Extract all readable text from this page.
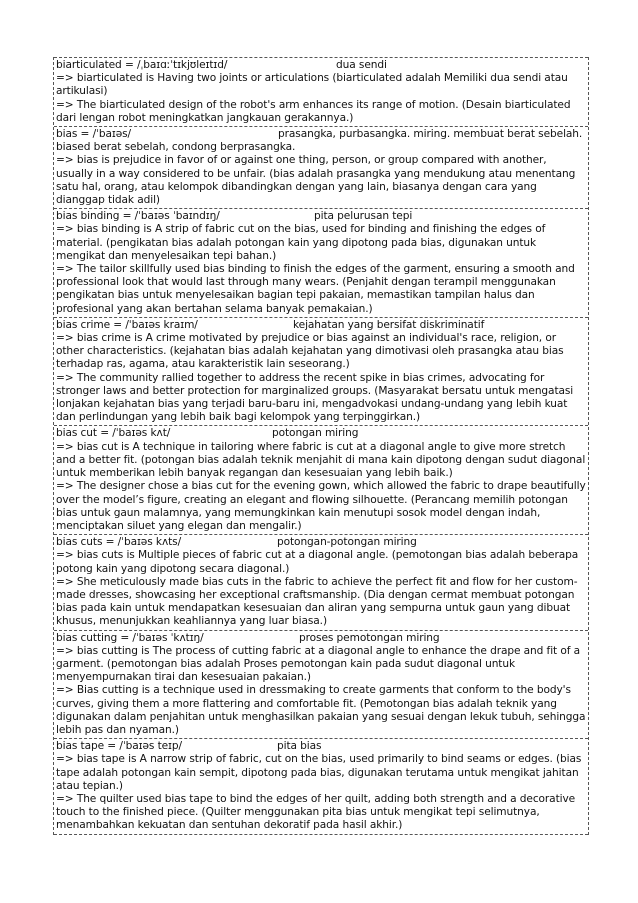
biarticulated = /ˌbaɪɑːˈtɪkjʊleɪtɪd/	dua sendi
=> biarticulated is Having two joints or articulations (biarticulated adalah Memiliki dua sendi atau artikulasi)
=> The biarticulated design of the robot's arm enhances its range of motion. (Desain biarticulated dari lengan robot meningkatkan jangkauan gerakannya.)
bias = /ˈbaɪəs/	prasangka, purbasangka. miring. membuat berat sebelah. biased berat sebelah, condong berprasangka.
=> bias is prejudice in favor of or against one thing, person, or group compared with another, usually in a way considered to be unfair. (bias adalah prasangka yang mendukung atau menentang satu hal, orang, atau kelompok dibandingkan dengan yang lain, biasanya dengan cara yang dianggap tidak adil)
bias binding = /ˈbaɪəs ˈbaɪndɪŋ/	pita pelurusan tepi
=> bias binding is A strip of fabric cut on the bias, used for binding and finishing the edges of material. (pengikatan bias adalah potongan kain yang dipotong pada bias, digunakan untuk mengikat dan menyelesaikan tepi bahan.)
=> The tailor skillfully used bias binding to finish the edges of the garment, ensuring a smooth and professional look that would last through many wears. (Penjahit dengan terampil menggunakan pengikatan bias untuk menyelesaikan bagian tepi pakaian, memastikan tampilan halus dan profesional yang akan bertahan selama banyak pemakaian.)
bias crime = /ˈbaɪəs kraɪm/	kejahatan yang bersifat diskriminatif
=> bias crime is A crime motivated by prejudice or bias against an individual's race, religion, or other characteristics. (kejahatan bias adalah kejahatan yang dimotivasi oleh prasangka atau bias terhadap ras, agama, atau karakteristik lain seseorang.)
=> The community rallied together to address the recent spike in bias crimes, advocating for stronger laws and better protection for marginalized groups. (Masyarakat bersatu untuk mengatasi lonjakan kejahatan bias yang terjadi baru-baru ini, mengadvokasi undang-undang yang lebih kuat dan perlindungan yang lebih baik bagi kelompok yang terpinggirkan.)
bias cut = /ˈbaɪəs kʌt/	potongan miring
=> bias cut is A technique in tailoring where fabric is cut at a diagonal angle to give more stretch and a better fit. (potongan bias adalah teknik menjahit di mana kain dipotong dengan sudut diagonal untuk memberikan lebih banyak regangan dan kesesuaian yang lebih baik.)
=> The designer chose a bias cut for the evening gown, which allowed the fabric to drape beautifully over the model’s figure, creating an elegant and flowing silhouette. (Perancang memilih potongan bias untuk gaun malamnya, yang memungkinkan kain menutupi sosok model dengan indah, menciptakan siluet yang elegan dan mengalir.)
bias cuts = /ˈbaɪəs kʌts/	potongan-potongan miring
=> bias cuts is Multiple pieces of fabric cut at a diagonal angle. (pemotongan bias adalah beberapa potong kain yang dipotong secara diagonal.)
=> She meticulously made bias cuts in the fabric to achieve the perfect fit and flow for her custom-made dresses, showcasing her exceptional craftsmanship. (Dia dengan cermat membuat potongan bias pada kain untuk mendapatkan kesesuaian dan aliran yang sempurna untuk gaun yang dibuat khusus, menunjukkan keahliannya yang luar biasa.)
bias cutting = /ˈbaɪəs ˈkʌtɪŋ/	proses pemotongan miring
=> bias cutting is The process of cutting fabric at a diagonal angle to enhance the drape and fit of a garment. (pemotongan bias adalah Proses pemotongan kain pada sudut diagonal untuk menyempurnakan tirai dan kesesuaian pakaian.)
=> Bias cutting is a technique used in dressmaking to create garments that conform to the body's curves, giving them a more flattering and comfortable fit. (Pemotongan bias adalah teknik yang digunakan dalam penjahitan untuk menghasilkan pakaian yang sesuai dengan lekuk tubuh, sehingga lebih pas dan nyaman.)
bias tape = /ˈbaɪəs teɪp/	pita bias
=> bias tape is A narrow strip of fabric, cut on the bias, used primarily to bind seams or edges. (bias tape adalah potongan kain sempit, dipotong pada bias, digunakan terutama untuk mengikat jahitan atau tepian.)
=> The quilter used bias tape to bind the edges of her quilt, adding both strength and a decorative touch to the finished piece. (Quilter menggunakan pita bias untuk mengikat tepi selimutnya, menambahkan kekuatan dan sentuhan dekoratif pada hasil akhir.)
